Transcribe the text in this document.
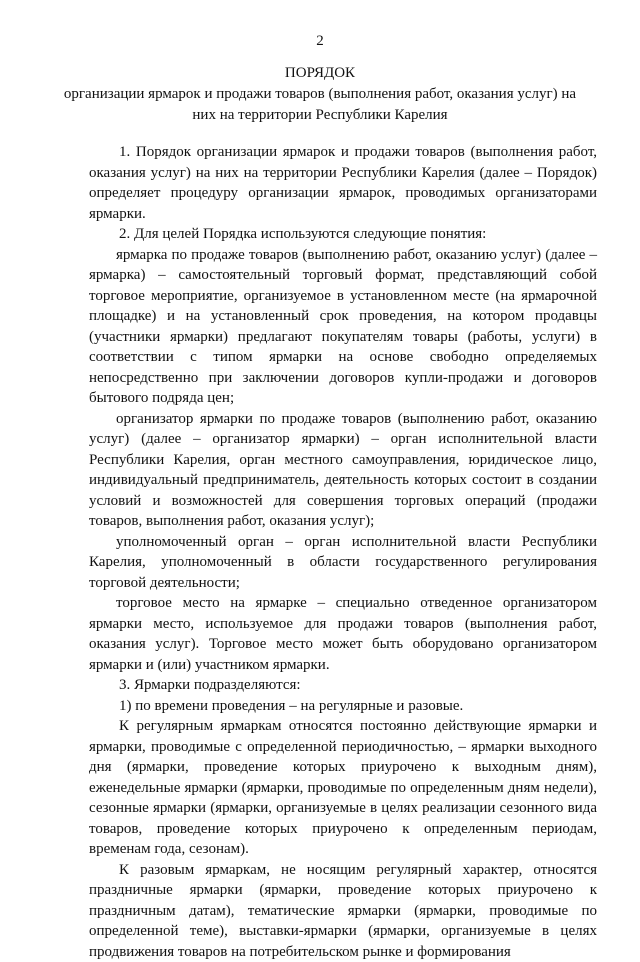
2
ПОРЯДОК
организации ярмарок и продажи товаров (выполнения работ, оказания услуг) на них на территории Республики Карелия

1. Порядок организации ярмарок и продажи товаров (выполнения работ, оказания услуг) на них на территории Республики Карелия (далее – Порядок) определяет процедуру организации ярмарок, проводимых организаторами ярмарки.

2. Для целей Порядка используются следующие понятия:

ярмарка по продаже товаров (выполнению работ, оказанию услуг) (далее – ярмарка) – самостоятельный торговый формат, представляющий собой торговое мероприятие, организуемое в установленном месте (на ярмарочной площадке) и на установленный срок проведения, на котором продавцы (участники ярмарки) предлагают покупателям товары (работы, услуги) в соответствии с типом ярмарки на основе свободно определяемых непосредственно при заключении договоров купли-продажи и договоров бытового подряда цен;

организатор ярмарки по продаже товаров (выполнению работ, оказанию услуг) (далее – организатор ярмарки) – орган исполнительной власти Республики Карелия, орган местного самоуправления, юридическое лицо, индивидуальный предприниматель, деятельность которых состоит в создании условий и возможностей для совершения торговых операций (продажи товаров, выполнения работ, оказания услуг);

уполномоченный орган – орган исполнительной власти Республики Карелия, уполномоченный в области государственного регулирования торговой деятельности;

торговое место на ярмарке – специально отведенное организатором ярмарки место, используемое для продажи товаров (выполнения работ, оказания услуг). Торговое место может быть оборудовано организатором ярмарки и (или) участником ярмарки.

3. Ярмарки подразделяются:

1) по времени проведения – на регулярные и разовые.

К регулярным ярмаркам относятся постоянно действующие ярмарки и ярмарки, проводимые с определенной периодичностью, – ярмарки выходного дня (ярмарки, проведение которых приурочено к выходным дням), еженедельные ярмарки (ярмарки, проводимые по определенным дням недели), сезонные ярмарки (ярмарки, организуемые в целях реализации сезонного вида товаров, проведение которых приурочено к определенным периодам, временам года, сезонам).

К разовым ярмаркам, не носящим регулярный характер, относятся праздничные ярмарки (ярмарки, проведение которых приурочено к праздничным датам), тематические ярмарки (ярмарки, проводимые по определенной теме), выставки-ярмарки (ярмарки, организуемые в целях продвижения товаров на потребительском рынке и формирования
